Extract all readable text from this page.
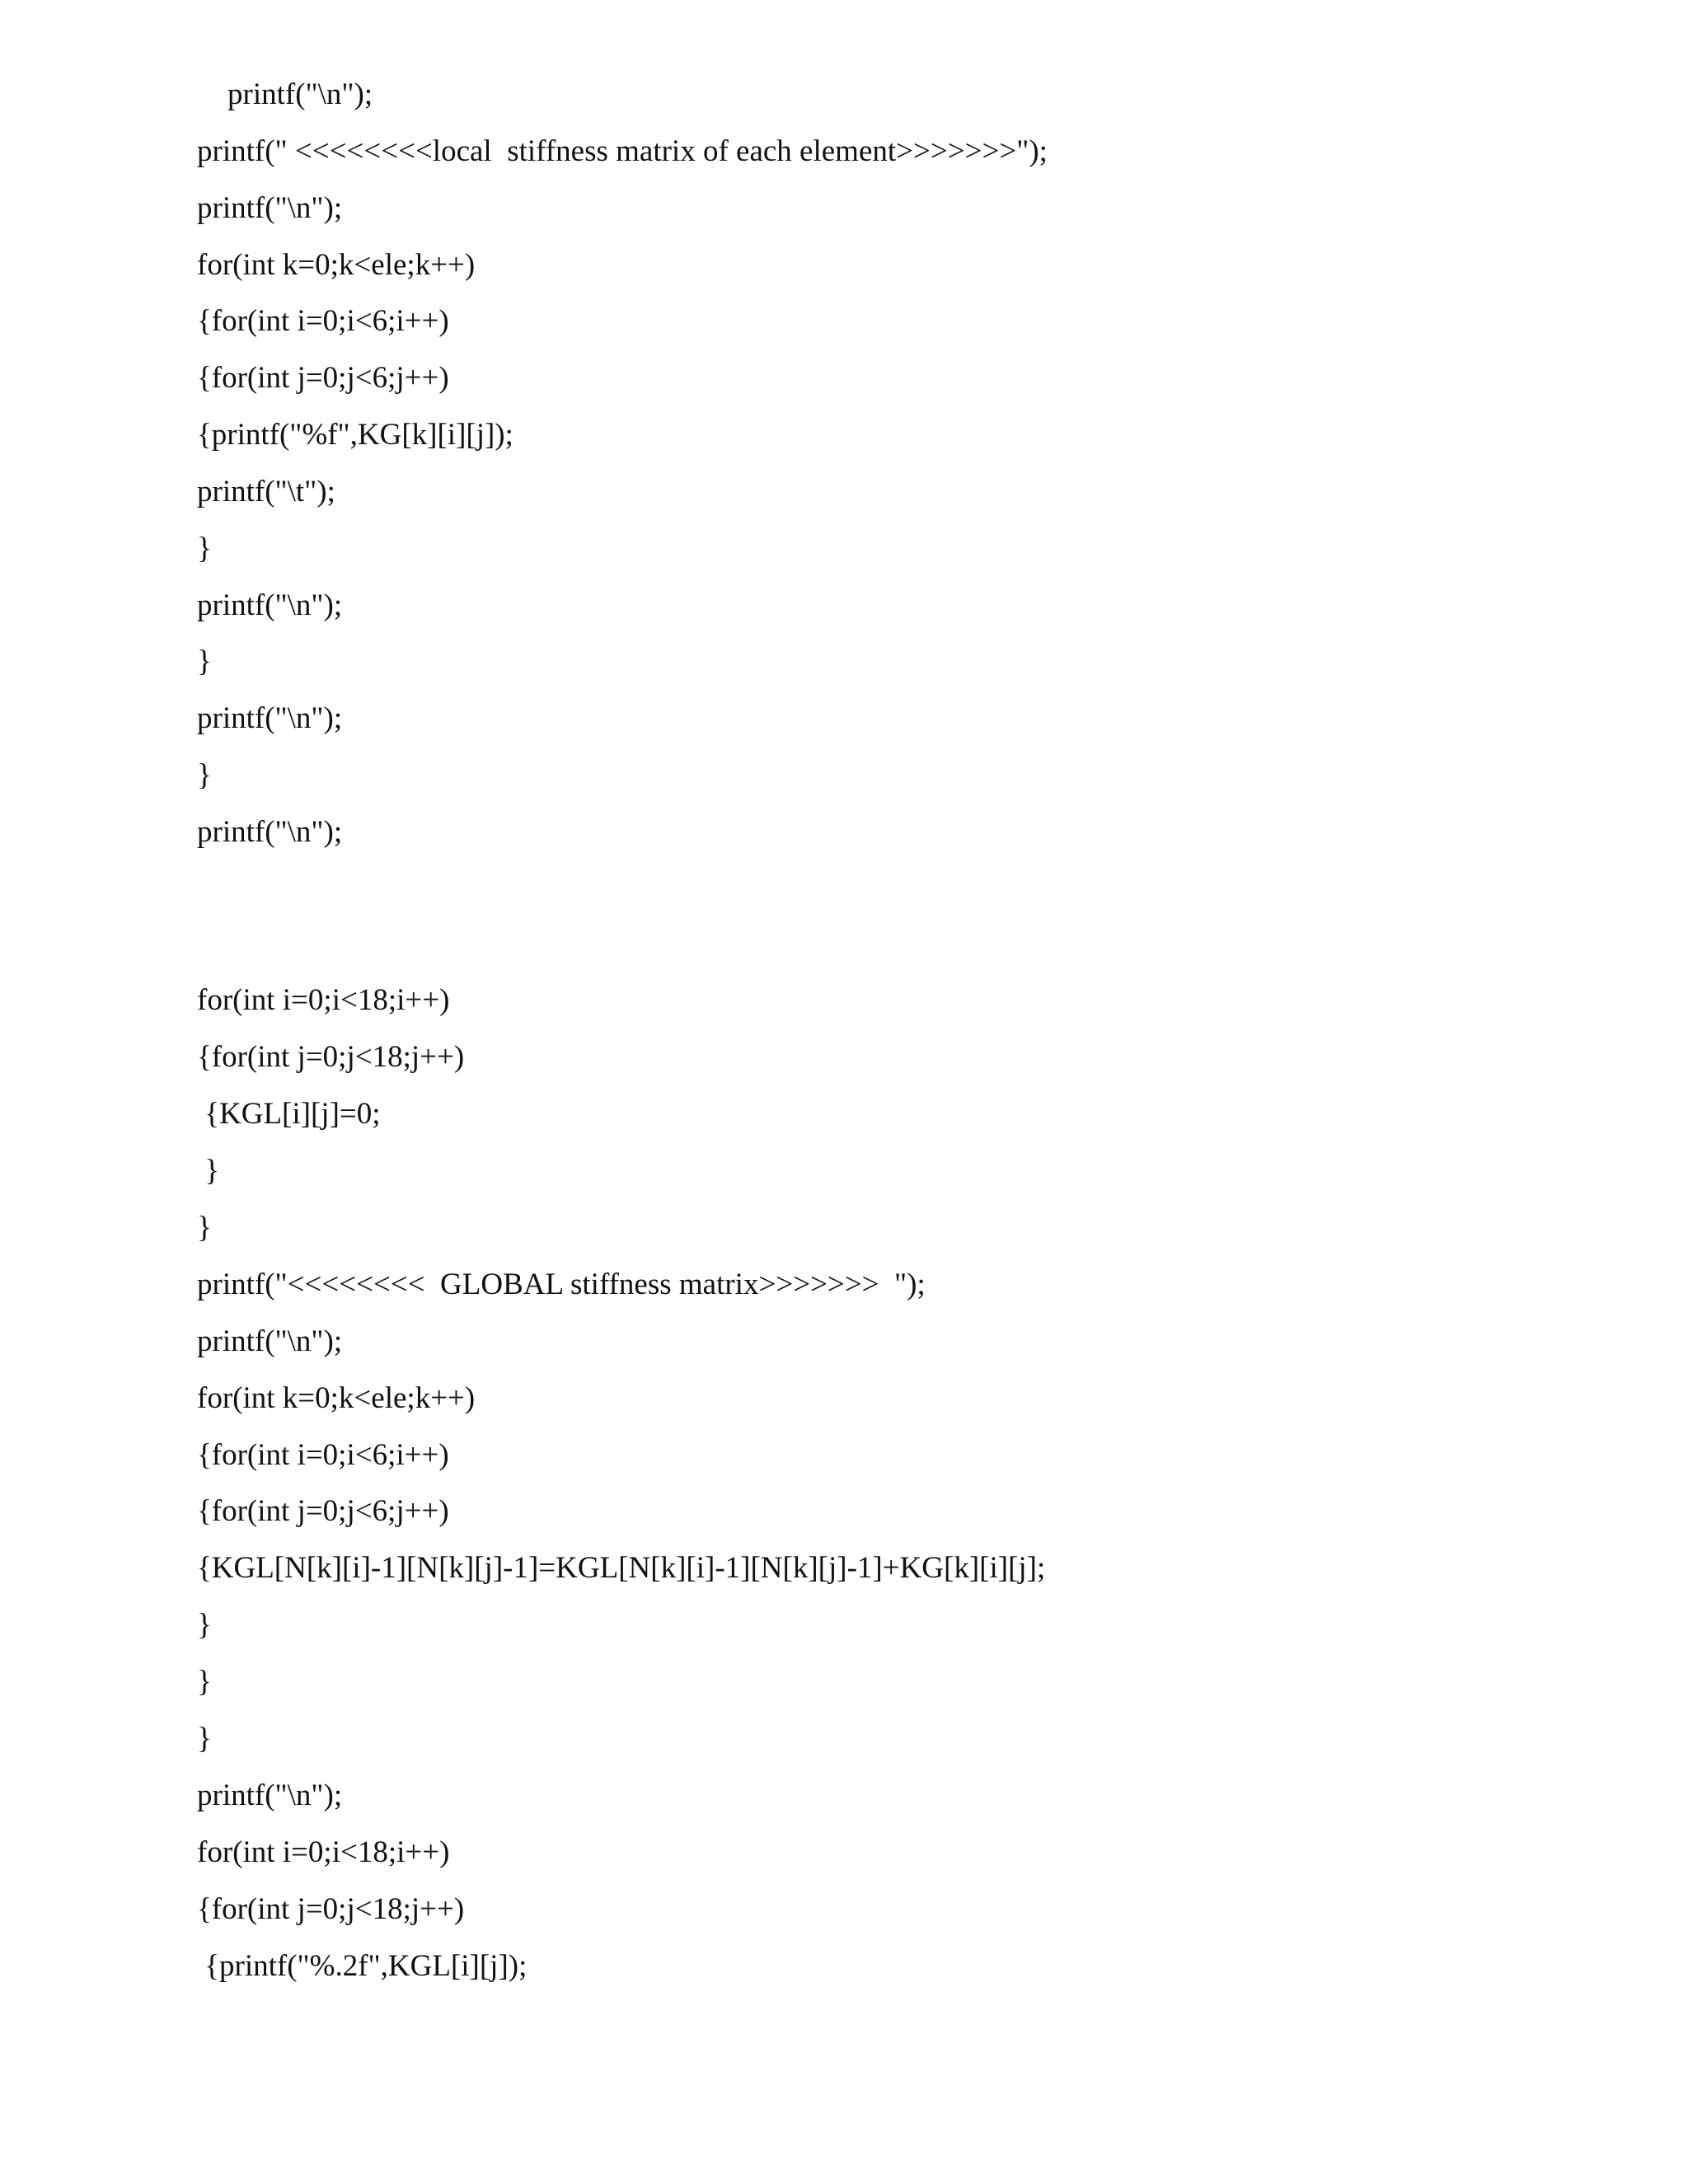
printf("\n");
printf(" <<<<<<<<local  stiffness matrix of each element>>>>>>>");
printf("\n");
for(int k=0;k<ele;k++)
{for(int i=0;i<6;i++)
{for(int j=0;j<6;j++)
{printf("%f",KG[k][i][j]);
printf("\t");
}
printf("\n");
}
printf("\n");
}
printf("\n");
for(int i=0;i<18;i++)
{for(int j=0;j<18;j++)
{KGL[i][j]=0;
}
}
printf("<<<<<<<<  GLOBAL stiffness matrix>>>>>>>  ");
printf("\n");
for(int k=0;k<ele;k++)
{for(int i=0;i<6;i++)
{for(int j=0;j<6;j++)
{KGL[N[k][i]-1][N[k][j]-1]=KGL[N[k][i]-1][N[k][j]-1]+KG[k][i][j];
}
}
}
printf("\n");
for(int i=0;i<18;i++)
{for(int j=0;j<18;j++)
{printf("%.2f",KGL[i][j]);
